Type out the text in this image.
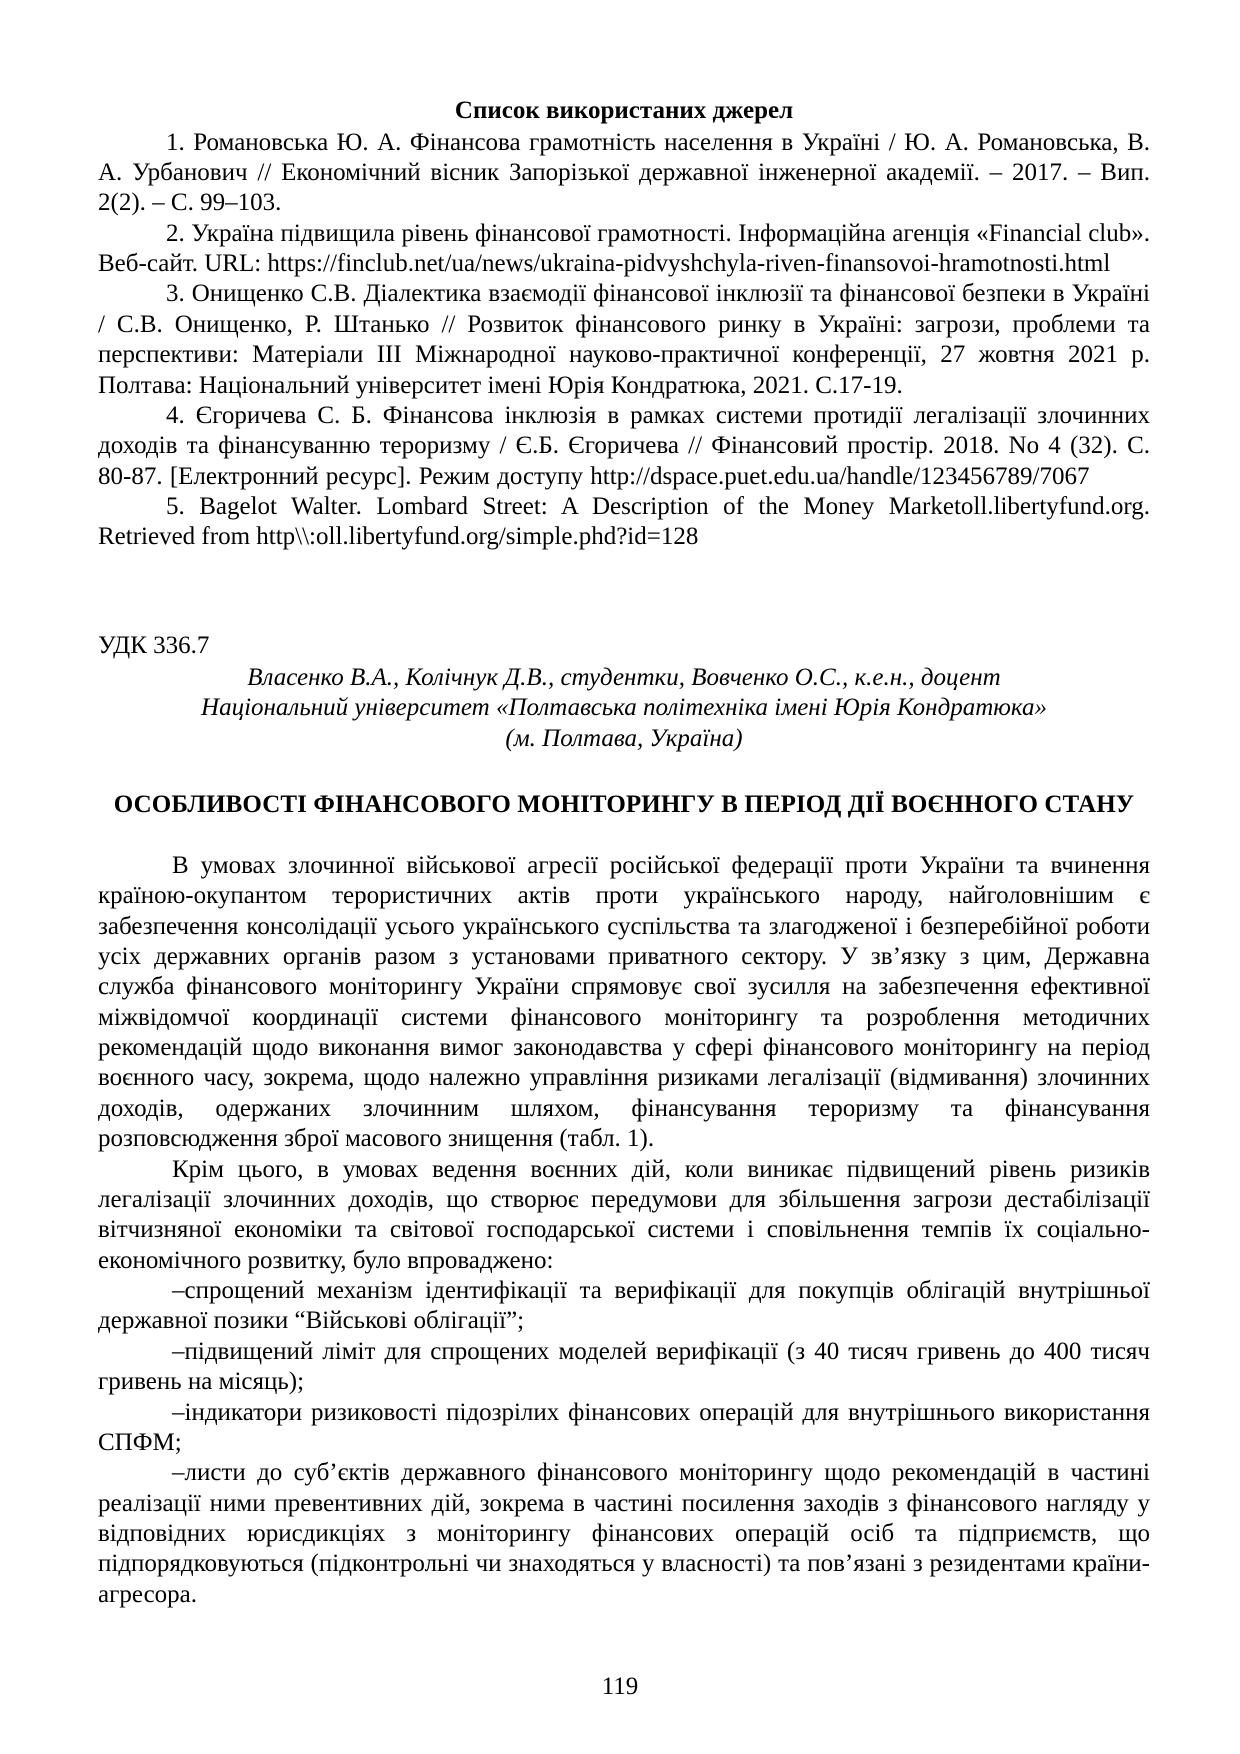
Список використаних джерел

1. Романовська Ю. А. Фінансова грамотність населення в Україні / Ю. А. Романовська, В. А. Урбанович // Економічний вісник Запорізької державної інженерної академії. – 2017. – Вип. 2(2). – С. 99–103.

2. Україна підвищила рівень фінансової грамотності. Інформаційна агенція «Financial club». Веб-сайт. URL: https://finclub.net/ua/news/ukraina-pidvyshchyla-riven-finansovoi-hramotnosti.html

3. Онищенко С.В. Діалектика взаємодії фінансової інклюзії та фінансової безпеки в Україні / С.В. Онищенко, Р. Штанько // Розвиток фінансового ринку в Україні: загрози, проблеми та перспективи: Матеріали ІІІ Міжнародної науково-практичної конференції, 27 жовтня 2021 р. Полтава: Національний університет імені Юрія Кондратюка, 2021. С.17-19.

4. Єгоричева С. Б. Фінансова інклюзія в рамках системи протидії легалізації злочинних доходів та фінансуванню тероризму / Є.Б. Єгоричева // Фінансовий простір. 2018. No 4 (32). С. 80-87. [Електронний ресурс]. Режим доступу http://dspace.puet.edu.ua/handle/123456789/7067

5. Bagelot Walter. Lombard Street: A Description of the Money Marketoll.libertyfund.org. Retrieved from http\\:oll.libertyfund.org/simple.phd?id=128

УДК 336.7

Власенко В.А., Колічнук Д.В., студентки, Вовченко О.С., к.е.н., доцент

Національний університет «Полтавська політехніка імені Юрія Кондратюка»

(м. Полтава, Україна)

ОСОБЛИВОСТІ ФІНАНСОВОГО МОНІТОРИНГУ В ПЕРІОД ДІЇ ВОЄННОГО СТАНУ

В умовах злочинної військової агресії російської федерації проти України та вчинення країною-окупантом терористичних актів проти українського народу, найголовнішим є забезпечення консолідації усього українського суспільства та злагодженої і безперебійної роботи усіх державних органів разом з установами приватного сектору. У зв’язку з цим, Державна служба фінансового моніторингу України спрямовує свої зусилля на забезпечення ефективної міжвідомчої координації системи фінансового моніторингу та розроблення методичних рекомендацій щодо виконання вимог законодавства у сфері фінансового моніторингу на період воєнного часу, зокрема, щодо належно управління ризиками легалізації (відмивання) злочинних доходів, одержаних злочинним шляхом, фінансування тероризму та фінансування розповсюдження зброї масового знищення (табл. 1).

Крім цього, в умовах ведення воєнних дій, коли виникає підвищений рівень ризиків легалізації злочинних доходів, що створює передумови для збільшення загрози дестабілізації вітчизняної економіки та світової господарської системи і сповільнення темпів їх соціально-економічного розвитку, було впроваджено:

–спрощений механізм ідентифікації та верифікації для покупців облігацій внутрішньої державної позики “Військові облігації”;

–підвищений ліміт для спрощених моделей верифікації (з 40 тисяч гривень до 400 тисяч гривень на місяць);

–індикатори ризиковості підозрілих фінансових операцій для внутрішнього використання СПФМ;

–листи до суб’єктів державного фінансового моніторингу щодо рекомендацій в частині реалізації ними превентивних дій, зокрема в частині посилення заходів з фінансового нагляду у відповідних юрисдикціях з моніторингу фінансових операцій осіб та підприємств, що підпорядковуються (підконтрольні чи знаходяться у власності) та пов’язані з резидентами країни-агресора.

119
